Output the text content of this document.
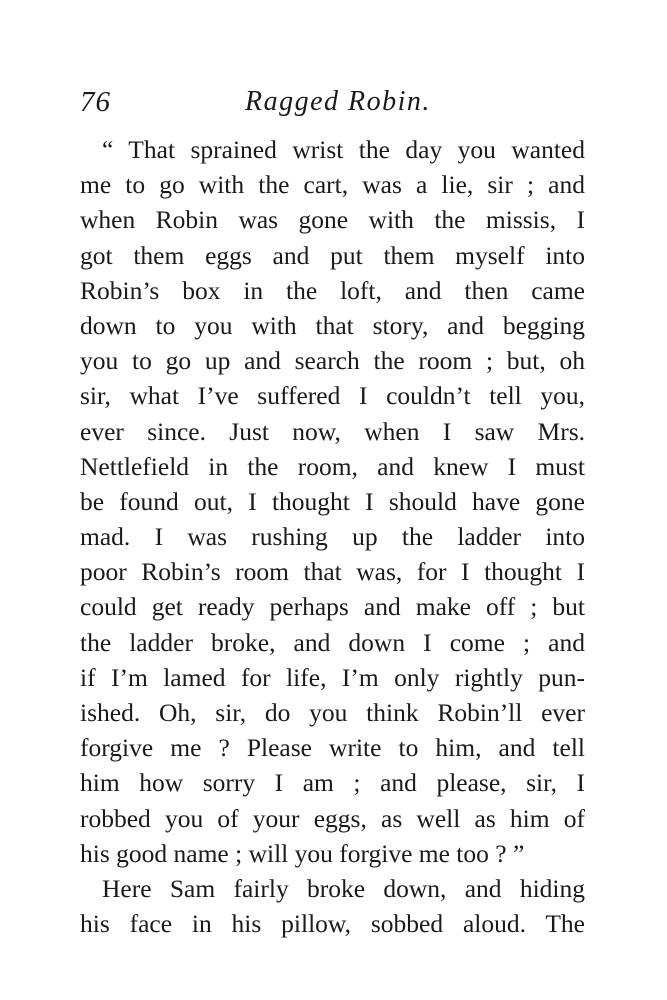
76	Ragged Robin.
“ That sprained wrist the day you wanted
me to go with the cart, was a lie, sir ; and
when Robin was gone with the missis, I
got them eggs and put them myself into
Robin’s box in the loft, and then came
down to you with that story, and begging
you to go up and search the room ; but, oh
sir, what I’ve suffered I couldn’t tell you,
ever since. Just now, when I saw Mrs.
Nettlefield in the room, and knew I must
be found out, I thought I should have gone
mad. I was rushing up the ladder into
poor Robin’s room that was, for I thought I
could get ready perhaps and make off ; but
the ladder broke, and down I come ; and
if I’m lamed for life, I’m only rightly pun-
ished. Oh, sir, do you think Robin’ll ever
forgive me ? Please write to him, and tell
him how sorry I am ; and please, sir, I
robbed you of your eggs, as well as him of
his good name ; will you forgive me too ? ”
Here Sam fairly broke down, and hiding
his face in his pillow, sobbed aloud. The
